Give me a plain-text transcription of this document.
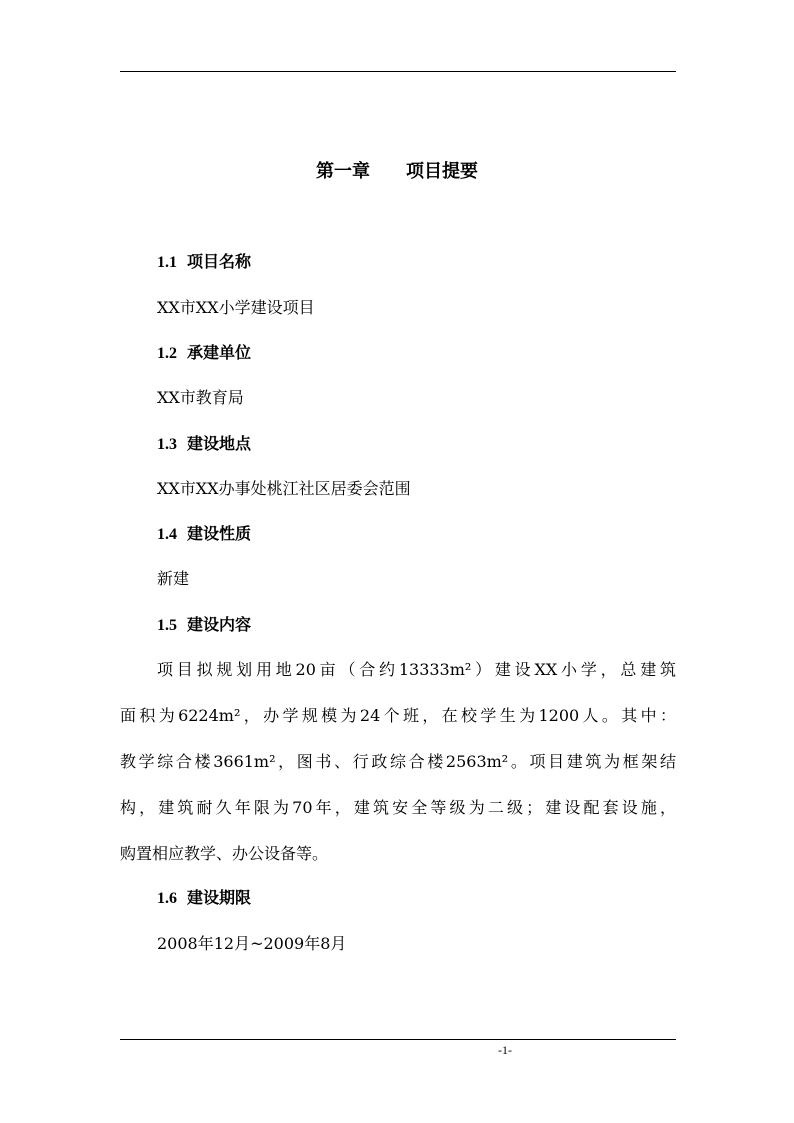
第一章　　项目提要
1.1 项目名称
XX市XX小学建设项目
1.2 承建单位
XX市教育局
1.3 建设地点
XX市XX办事处桃江社区居委会范围
1.4 建设性质
新建
1.5 建设内容
项目拟规划用地20亩（合约13333m²）建设XX小学，总建筑
面积为6224m²，办学规模为24个班，在校学生为1200人。其中：
教学综合楼3661m²，图书、行政综合楼2563m²。项目建筑为框架结
构，建筑耐久年限为70年，建筑安全等级为二级；建设配套设施，
购置相应教学、办公设备等。
1.6 建设期限
2008年12月~2009年8月
-1-
